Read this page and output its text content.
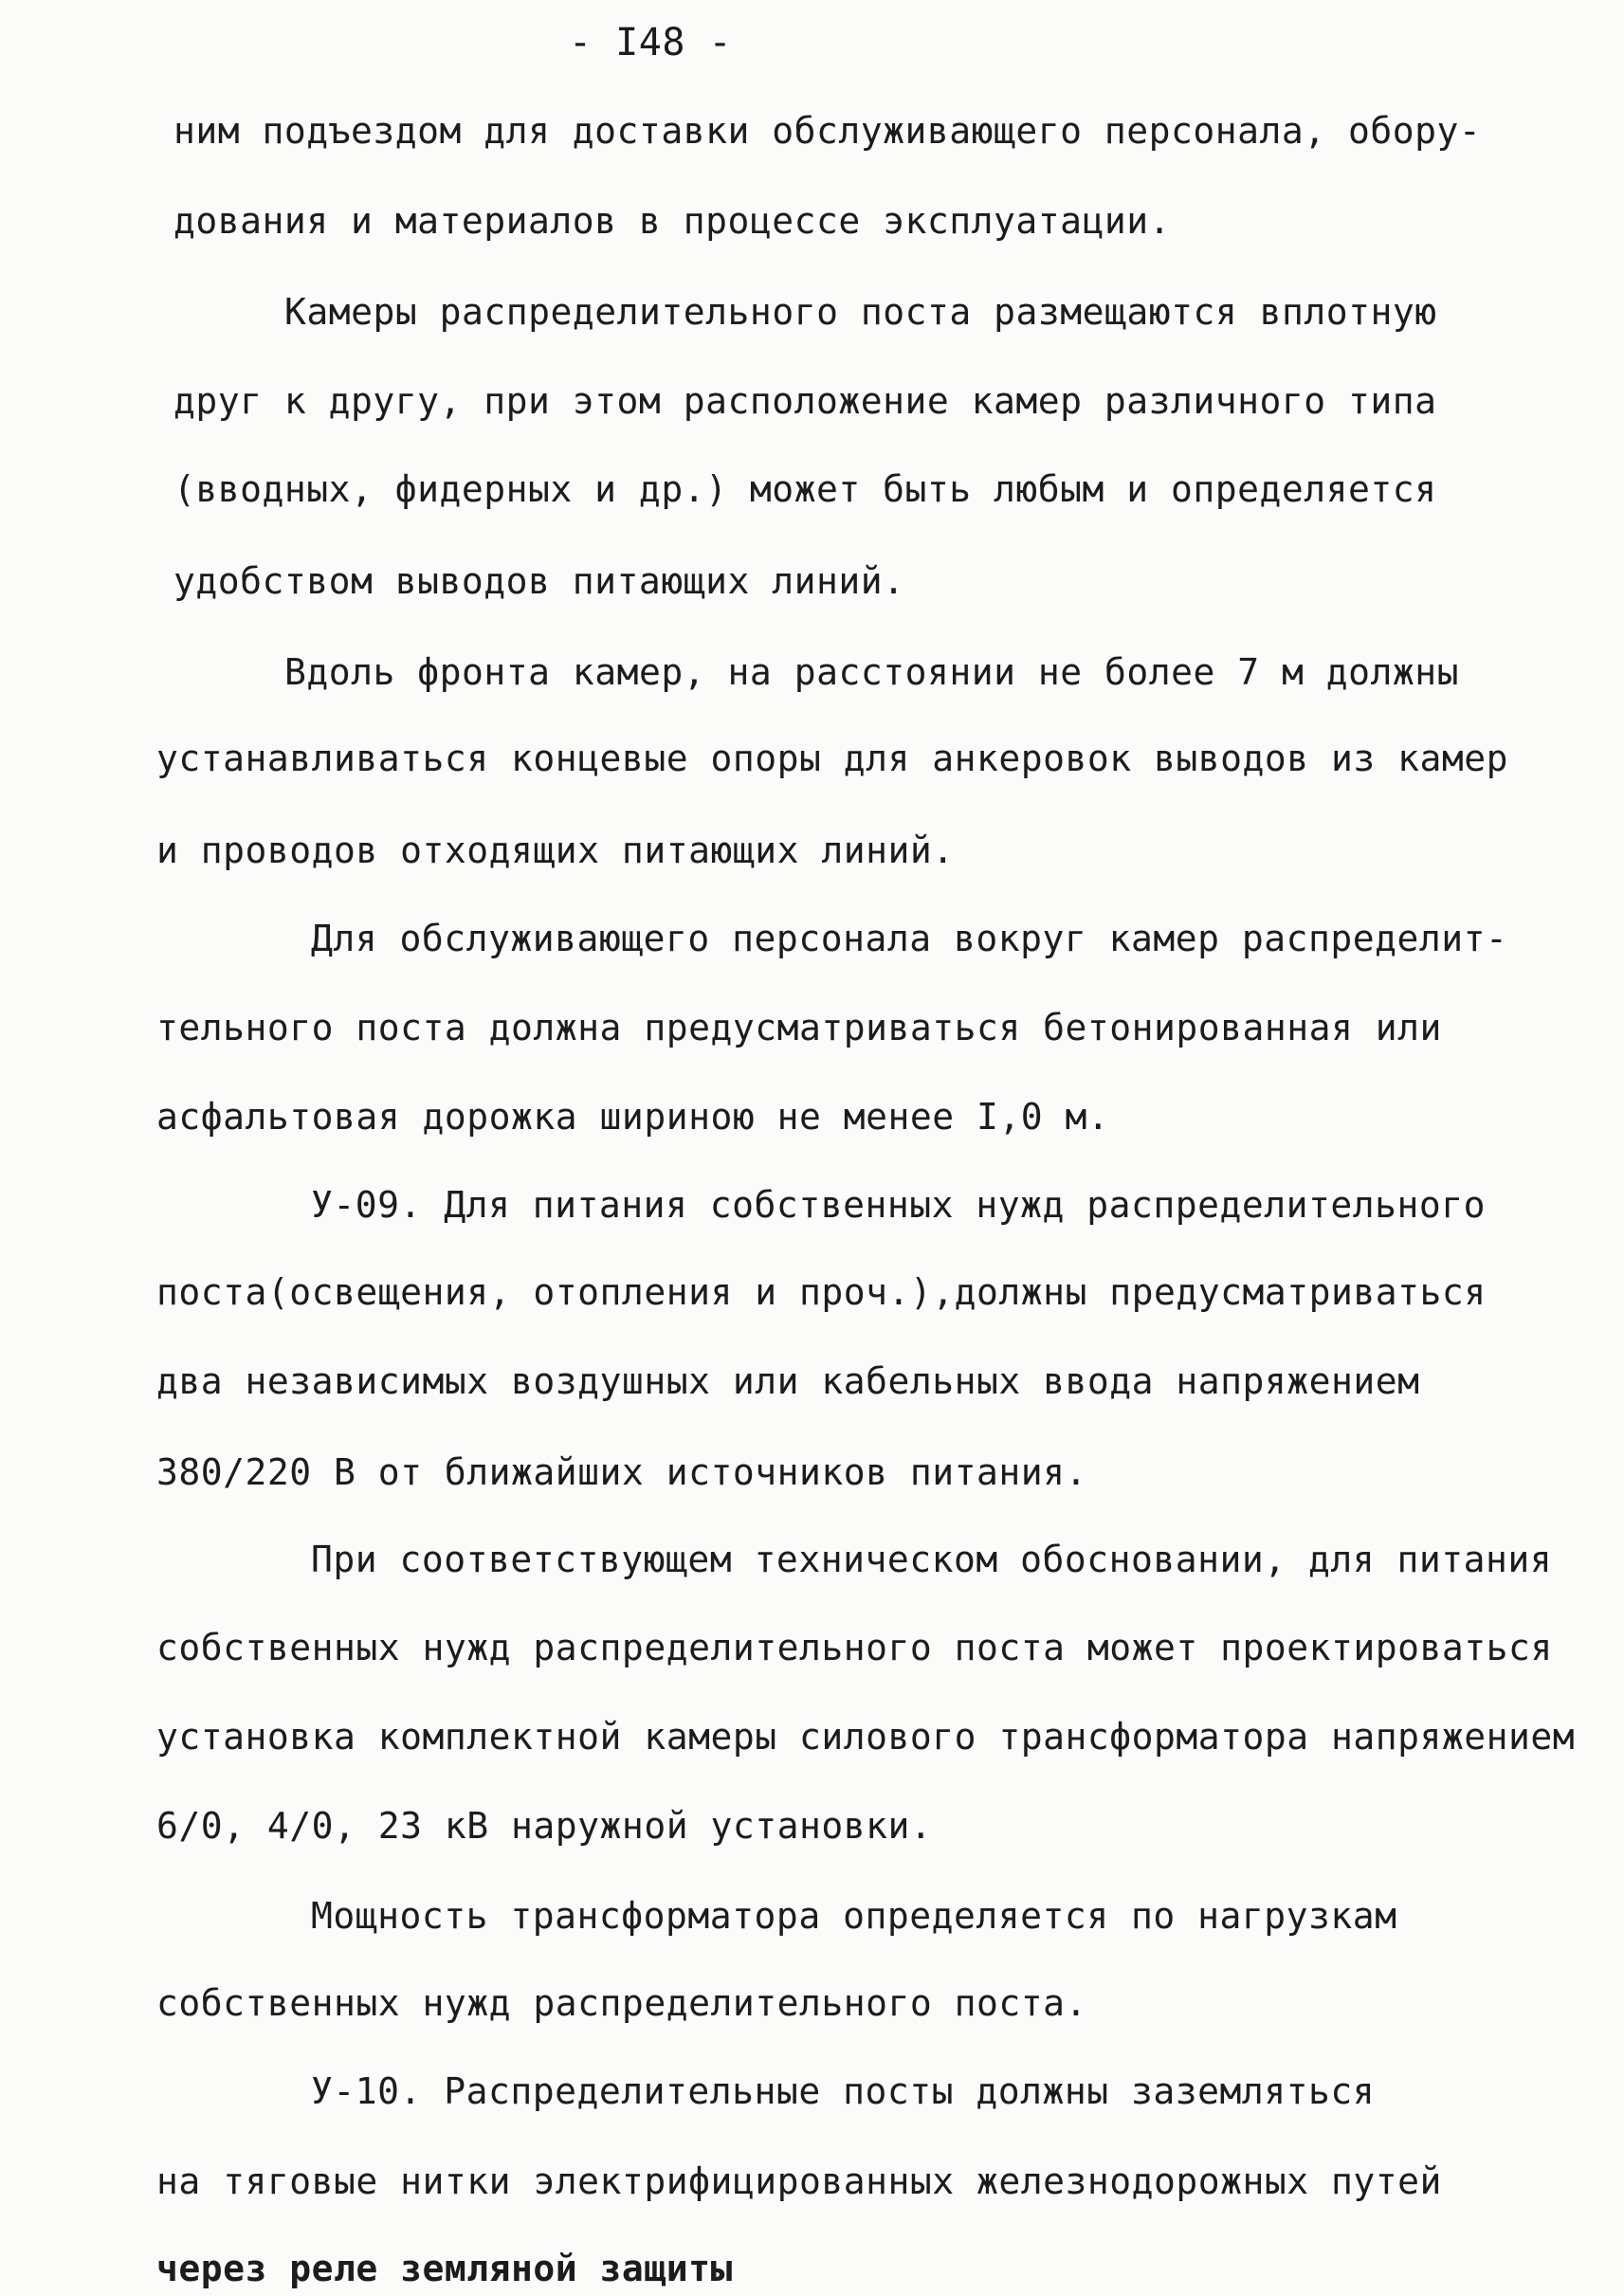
- I48 -
ним подъездом для доставки обслуживающего персонала, обору-
дования и материалов в процессе эксплуатации.
Камеры распределительного поста размещаются вплотную
друг к другу, при этом расположение камер различного типа
(вводных, фидерных и др.) может быть любым и определяется
удобством выводов питающих линий.
Вдоль фронта камер, на расстоянии не более 7 м должны
устанавливаться концевые опоры для анкеровок выводов из камер
и проводов отходящих питающих линий.
Для обслуживающего персонала вокруг камер распределит-
тельного поста должна предусматриваться бетонированная или
асфальтовая дорожка шириною не менее I,0 м.
У-09. Для питания собственных нужд распределительного
поста(освещения, отопления и проч.),должны предусматриваться
два независимых воздушных или кабельных ввода напряжением
380/220 В от ближайших источников питания.
При соответствующем техническом обосновании, для питания
собственных нужд распределительного поста может проектироваться
установка комплектной камеры силового трансформатора напряжением
6/0, 4/0, 23 кВ наружной установки.
Мощность трансформатора определяется по нагрузкам
собственных нужд распределительного поста.
У-10. Распределительные посты должны заземляться
на тяговые нитки электрифицированных железнодорожных путей
через реле земляной защиты
